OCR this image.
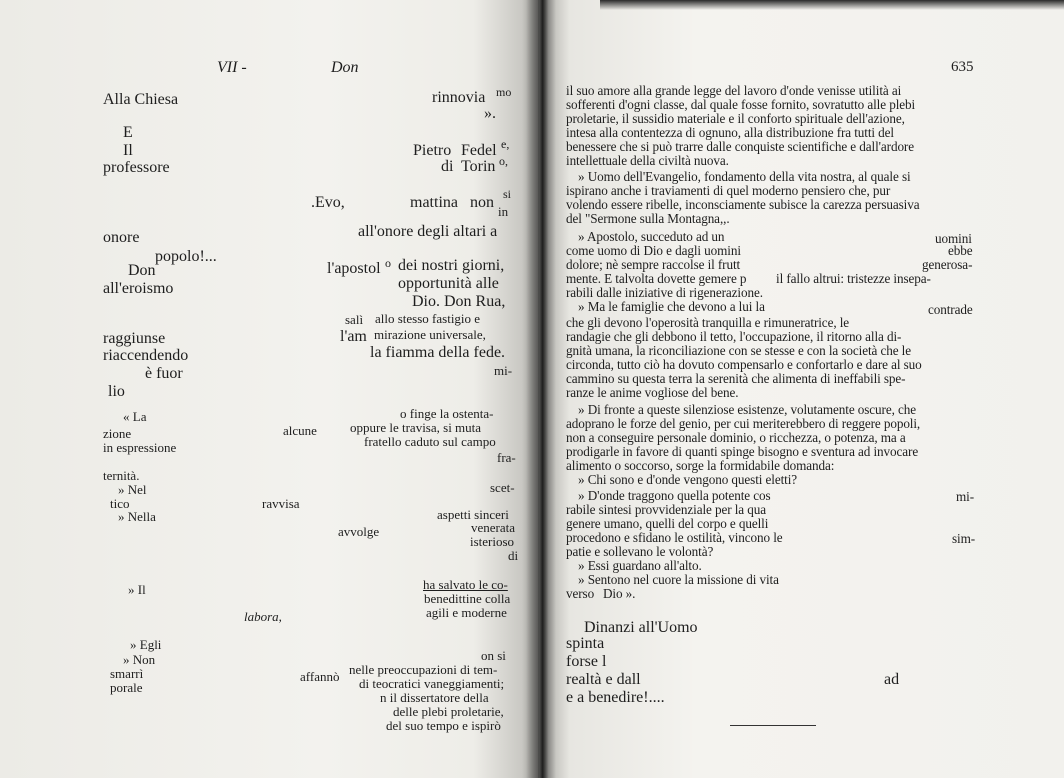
VII -	Don
Alla Chiesa
E
Il
professore
onore
popolo!...
Don
all'eroismo
raggiunse
riaccendendo
è fuor
lio
« La
zione
in espressione
ternità.
» Nel
tico
» Nella
» Il
» Egli
» Non
smarrì
porale
.Evo,
alcune
ravvisa
avvolge
labora,
affannò
rinnovia mo
».
Pietro Fedel e,
di Torin o,
mattina non si
in
all'onore degli altari a
l'apostol o dei nostri giorni,
opportunità alle
Dio. Don Rua,
salì allo stesso fastigio e
l'am mirazione universale,
la fiamma della fede.
mi-
o finge la ostenta-
oppure le travisa, si muta
fratello caduto sul campo
fra-
scet-
aspetti sinceri
venerata
isterioso
di
ha salvato le co-
benedittine colla
agili e moderne
on si
nelle preoccupazioni di tem-
di teocratici vaneggiamenti;
n il dissertatore della
delle plebi proletarie,
del suo tempo e ispirò
635
il suo amore alla grande legge del lavoro d'onde venisse utilità ai
sofferenti d'ogni classe, dal quale fosse fornito, sovratutto alle plebi
proletarie, il sussidio materiale e il conforto spirituale dell'azione,
intesa alla contentezza di ognuno, alla distribuzione fra tutti del
benessere che si può trarre dalle conquiste scientifiche e dall'ardore
intellettuale della civiltà nuova.
» Uomo dell'Evangelio, fondamento della vita nostra, al quale si
ispirano anche i traviamenti di quel moderno pensiero che, pur
volendo essere ribelle, inconsciamente subisce la carezza persuasiva
del "Sermone sulla Montagna,,.
» Apostolo, succeduto ad un	uomini
come uomo di Dio e dagli uomini	ebbe
dolore; nè sempre raccolse il frutt	generosa-
mente. E talvolta dovette gemere p il fallo altrui: tristezze insepa-
rabili dalle iniziative di rigenerazione.
» Ma le famiglie che devono a lui la	contrade
che gli devono l'operosità tranquilla e rimuneratrice, le
randagie che gli debbono il tetto, l'occupazione, il ritorno alla di-
gnità umana, la riconciliazione con se stesse e con la società che le
circonda, tutto ciò ha dovuto compensarlo e confortarlo e dare al suo
cammino su questa terra la serenità che alimenta di ineffabili spe-
ranze le anime vogliose del bene.
» Di fronte a queste silenziose esistenze, volutamente oscure, che
adoprano le forze del genio, per cui meriterebbero di reggere popoli,
non a conseguire personale dominio, o ricchezza, o potenza, ma a
prodigarle in favore di quanti spinge bisogno e sventura ad invocare
alimento o soccorso, sorge la formidabile domanda:
» Chi sono e d'onde vengono questi eletti?
» D'onde traggono quella potente cos	mi-
rabile sintesi provvidenziale per la qua
genere umano, quelli del corpo e quelli
procedono e sfidano le ostilità, vincono le	sim-
patie e sollevano le volontà?
» Essi guardano all'alto.
» Sentono nel cuore la missione di vita
verso Dio ».
Dinanzi all'Uomo
spinta
forse l
realtà e dall	ad
e a benedire!....
